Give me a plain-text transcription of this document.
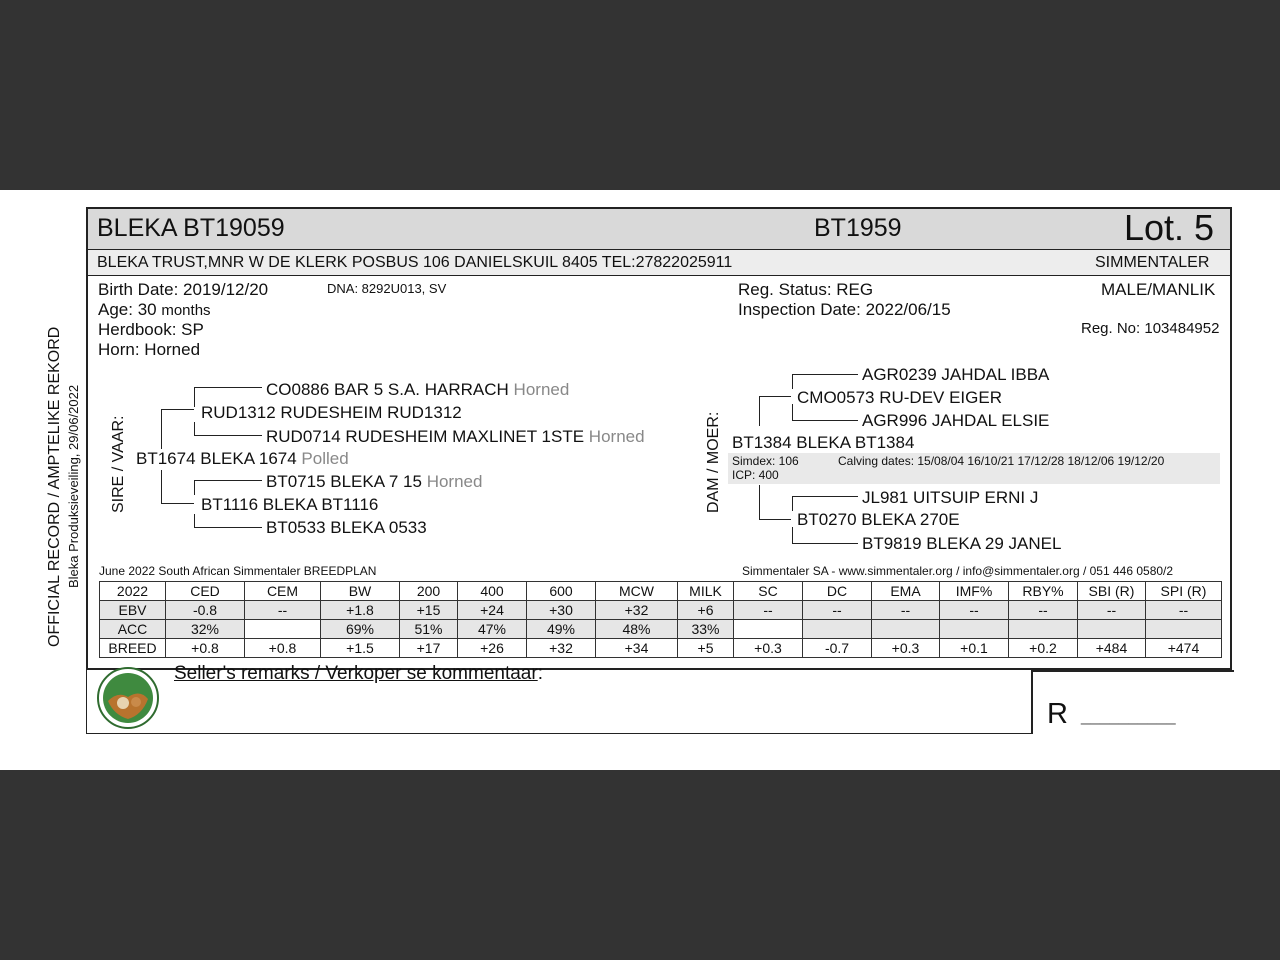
OFFICIAL RECORD / AMPTELIKE REKORD Bleka Produksieveiling, 29/06/2022
BLEKA BT19059	BT1959	Lot. 5
BLEKA TRUST,MNR W DE KLERK POSBUS 106 DANIELSKUIL 8405 TEL:27822025911	SIMMENTALER
Birth Date: 2019/12/20	DNA: 8292U013, SV
Age: 30 months
Herdbook: SP
Horn: Horned
Reg. Status: REG
Inspection Date: 2022/06/15
MALE/MANLIK
Reg. No: 103484952
SIRE / VAAR: BT1674 BLEKA 1674 Polled
RUD1312 RUDESHEIM RUD1312
CO0886 BAR 5 S.A. HARRACH Horned
RUD0714 RUDESHEIM MAXLINET 1STE Horned
BT1116 BLEKA BT1116
BT0715 BLEKA 7 15 Horned
BT0533 BLEKA 0533
DAM / MOER: BT1384 BLEKA BT1384
CMO0573 RU-DEV EIGER
AGR0239 JAHDAL IBBA
AGR996 JAHDAL ELSIE
BT0270 BLEKA 270E
JL981 UITSUIP ERNI J
BT9819 BLEKA 29 JANEL
Simdex: 106	Calving dates: 15/08/04 16/10/21 17/12/28 18/12/06 19/12/20
ICP: 400
June 2022 South African Simmentaler BREEDPLAN	Simmentaler SA - www.simmentaler.org / info@simmentaler.org / 051 446 0580/2
2022	CED	CEM	BW	200	400	600	MCW	MILK	SC	DC	EMA	IMF%	RBY%	SBI (R)	SPI (R)
EBV	-0.8	--	+1.8	+15	+24	+30	+32	+6	--	--	--	--	--	--	--
ACC	32%		69%	51%	47%	49%	48%	33%							
BREED	+0.8	+0.8	+1.5	+17	+26	+32	+34	+5	+0.3	-0.7	+0.3	+0.1	+0.2	+484	+474
Seller's remarks / Verkoper se kommentaar:
R __________
